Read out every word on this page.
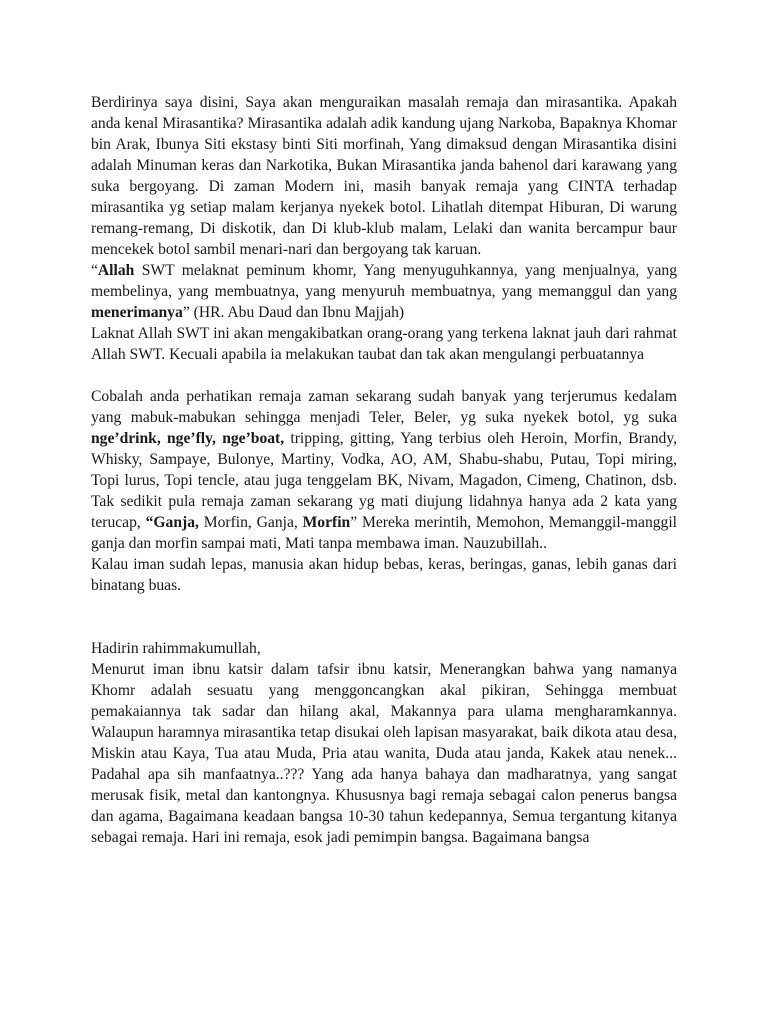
Berdirinya saya disini, Saya akan menguraikan masalah remaja dan mirasantika. Apakah anda kenal Mirasantika? Mirasantika adalah adik kandung ujang Narkoba, Bapaknya Khomar bin Arak, Ibunya Siti ekstasy binti Siti morfinah, Yang dimaksud dengan Mirasantika disini adalah Minuman keras dan Narkotika, Bukan Mirasantika janda bahenol dari karawang yang suka bergoyang. Di zaman Modern ini, masih banyak remaja yang CINTA terhadap mirasantika yg setiap malam kerjanya nyekek botol. Lihatlah ditempat Hiburan, Di warung remang-remang, Di diskotik, dan Di klub-klub malam, Lelaki dan wanita bercampur baur mencekek botol sambil menari-nari dan bergoyang tak karuan.

“Allah SWT melaknat peminum khomr, Yang menyuguhkannya, yang menjualnya, yang membelinya, yang membuatnya, yang menyuruh membuatnya, yang memanggul dan yang menerimanya” (HR. Abu Daud dan Ibnu Majjah)

Laknat Allah SWT ini akan mengakibatkan orang-orang yang terkena laknat jauh dari rahmat Allah SWT. Kecuali apabila ia melakukan taubat dan tak akan mengulangi perbuatannya

Cobalah anda perhatikan remaja zaman sekarang sudah banyak yang terjerumus kedalam yang mabuk-mabukan sehingga menjadi Teler, Beler, yg suka nyekek botol, yg suka nge’drink, nge’fly, nge’boat, tripping, gitting, Yang terbius oleh Heroin, Morfin, Brandy, Whisky, Sampaye, Bulonye, Martiny, Vodka, AO, AM, Shabu-shabu, Putau, Topi miring, Topi lurus, Topi tencle, atau juga tenggelam BK, Nivam, Magadon, Cimeng, Chatinon, dsb. Tak sedikit pula remaja zaman sekarang yg mati diujung lidahnya hanya ada 2 kata yang terucap, “Ganja, Morfin, Ganja, Morfin” Mereka merintih, Memohon, Memanggil-manggil ganja dan morfin sampai mati, Mati tanpa membawa iman. Nauzubillah..

Kalau iman sudah lepas, manusia akan hidup bebas, keras, beringas, ganas, lebih ganas dari binatang buas.

Hadirin rahimmakumullah,

Menurut iman ibnu katsir dalam tafsir ibnu katsir, Menerangkan bahwa yang namanya Khomr adalah sesuatu yang menggoncangkan akal pikiran, Sehingga membuat pemakaiannya tak sadar dan hilang akal, Makannya para ulama mengharamkannya. Walaupun haramnya mirasantika tetap disukai oleh lapisan masyarakat, baik dikota atau desa, Miskin atau Kaya, Tua atau Muda, Pria atau wanita, Duda atau janda, Kakek atau nenek... Padahal apa sih manfaatnya..??? Yang ada hanya bahaya dan madharatnya, yang sangat merusak fisik, metal dan kantongnya. Khususnya bagi remaja sebagai calon penerus bangsa dan agama, Bagaimana keadaan bangsa 10-30 tahun kedepannya, Semua tergantung kitanya sebagai remaja. Hari ini remaja, esok jadi pemimpin bangsa. Bagaimana bangsa
